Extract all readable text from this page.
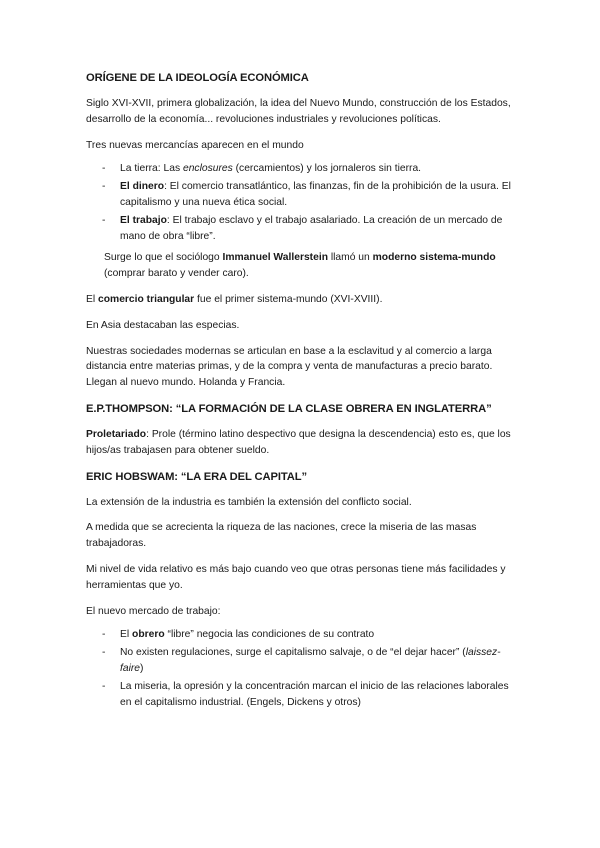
ORÍGENE DE LA IDEOLOGÍA ECONÓMICA

Siglo XVI-XVII, primera globalización, la idea del Nuevo Mundo, construcción de los Estados, desarrollo de la economía... revoluciones industriales y revoluciones políticas.

Tres nuevas mercancías aparecen en el mundo

- La tierra: Las enclosures (cercamientos) y los jornaleros sin tierra.
- El dinero: El comercio transatlántico, las finanzas, fin de la prohibición de la usura. El capitalismo y una nueva ética social.
- El trabajo: El trabajo esclavo y el trabajo asalariado. La creación de un mercado de mano de obra “libre”.

Surge lo que el sociólogo Immanuel Wallerstein llamó un moderno sistema-mundo (comprar barato y vender caro).

El comercio triangular fue el primer sistema-mundo (XVI-XVIII).

En Asia destacaban las especias.

Nuestras sociedades modernas se articulan en base a la esclavitud y al comercio a larga distancia entre materias primas, y de la compra y venta de manufacturas a precio barato. Llegan al nuevo mundo. Holanda y Francia.

E.P.THOMPSON: “LA FORMACIÓN DE LA CLASE OBRERA EN INGLATERRA”

Proletariado: Prole (término latino despectivo que designa la descendencia) esto es, que los hijos/as trabajasen para obtener sueldo.

ERIC HOBSWAM: “LA ERA DEL CAPITAL”

La extensión de la industria es también la extensión del conflicto social.

A medida que se acrecienta la riqueza de las naciones, crece la miseria de las masas trabajadoras.

Mi nivel de vida relativo es más bajo cuando veo que otras personas tiene más facilidades y herramientas que yo.

El nuevo mercado de trabajo:

- El obrero “libre” negocia las condiciones de su contrato
- No existen regulaciones, surge el capitalismo salvaje, o de “el dejar hacer” (laissez-faire)
- La miseria, la opresión y la concentración marcan el inicio de las relaciones laborales en el capitalismo industrial. (Engels, Dickens y otros)
